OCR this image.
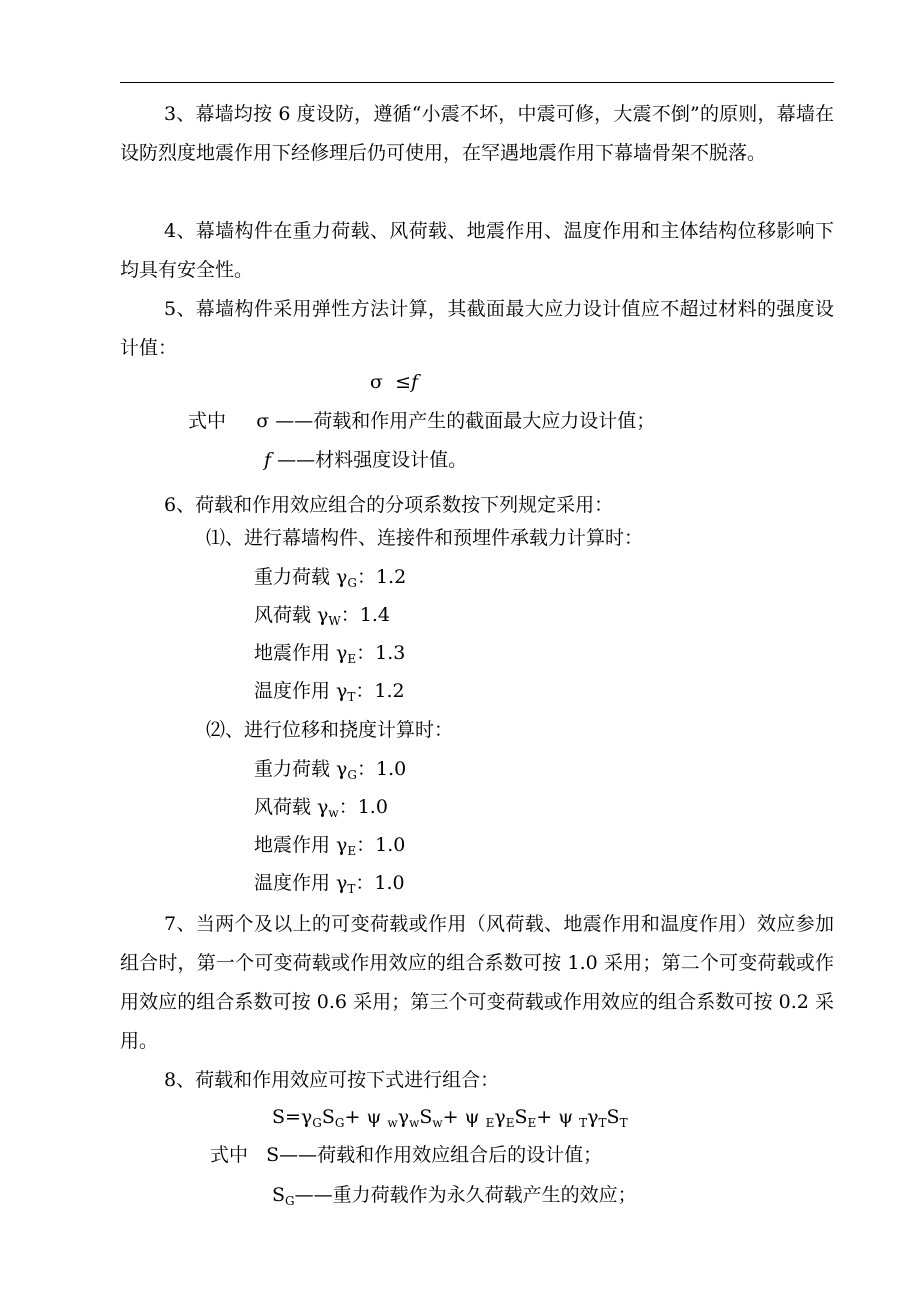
3、幕墙均按 6 度设防，遵循“小震不坏，中震可修，大震不倒”的原则，幕墙在设防烈度地震作用下经修理后仍可使用，在罕遇地震作用下幕墙骨架不脱落。

4、幕墙构件在重力荷载、风荷载、地震作用、温度作用和主体结构位移影响下均具有安全性。

5、幕墙构件采用弹性方法计算，其截面最大应力设计值应不超过材料的强度设计值：

σ ≤f
式中 σ ——荷载和作用产生的截面最大应力设计值；
f ——材料强度设计值。

6、荷载和作用效应组合的分项系数按下列规定采用：

⑴、进行幕墙构件、连接件和预埋件承载力计算时：
重力荷载 $\gamma_G$：1.2
风荷载 $\gamma_W$：1.4
地震作用 $\gamma_E$：1.3
温度作用 $\gamma_T$：1.2
⑵、进行位移和挠度计算时：
重力荷载 $\gamma_G$：1.0
风荷载 $\gamma_w$：1.0
地震作用 $\gamma_E$：1.0
温度作用 $\gamma_T$：1.0

7、当两个及以上的可变荷载或作用（风荷载、地震作用和温度作用）效应参加组合时，第一个可变荷载或作用效应的组合系数可按 1.0 采用；第二个可变荷载或作用效应的组合系数可按 0.6 采用；第三个可变荷载或作用效应的组合系数可按 0.2 采用。

8、荷载和作用效应可按下式进行组合：

$S=\gamma_GS_G+ \psi$ $_w\gamma_wS_w+ \psi$ $_E\gamma_ES_E+ \psi$ $_T\gamma_TS_T$
式中 S——荷载和作用效应组合后的设计值；
$S_G——$重力荷载作为永久荷载产生的效应；
